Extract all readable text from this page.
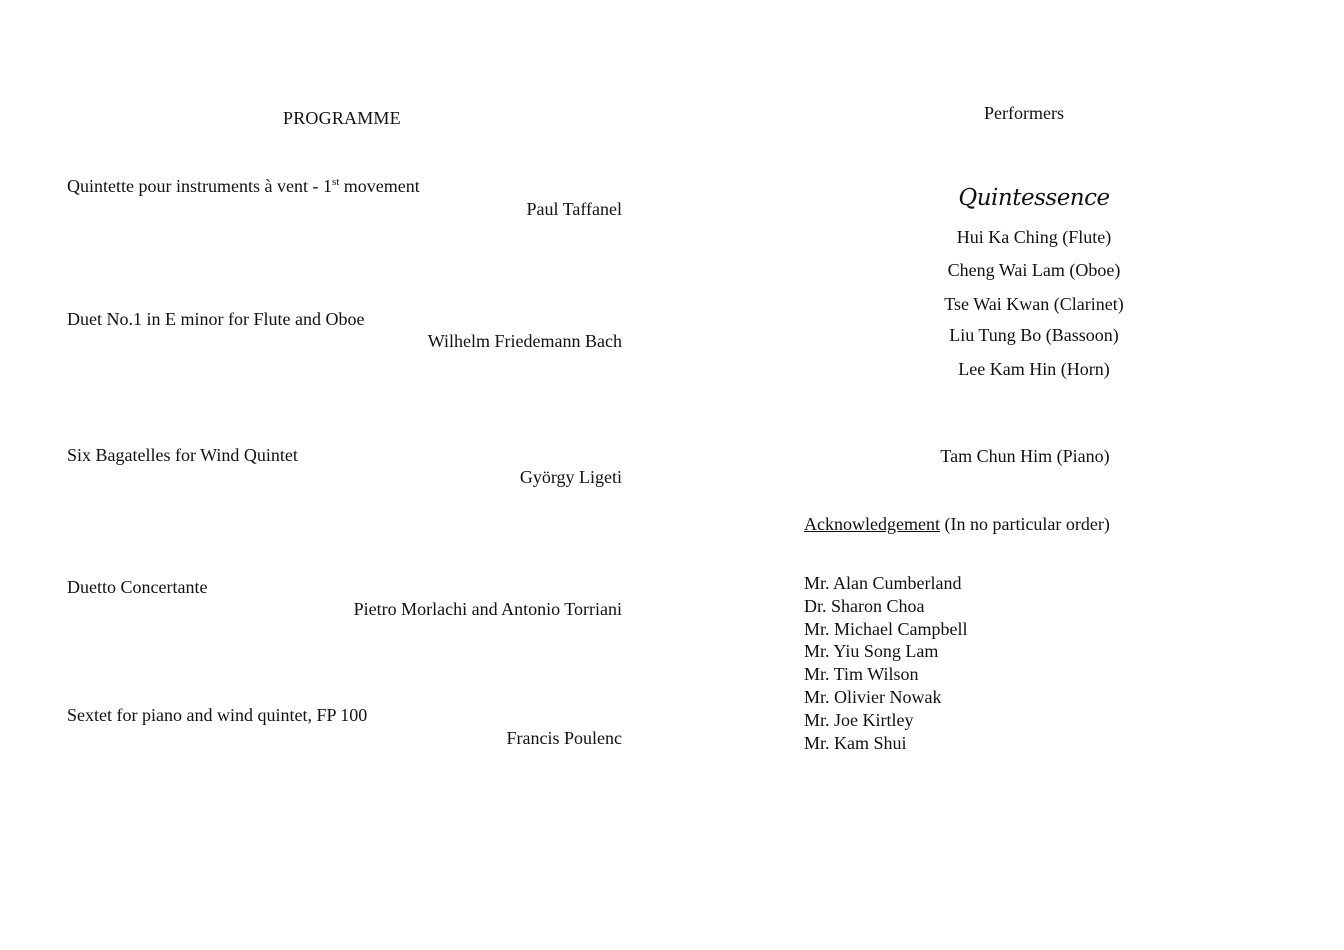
PROGRAMME
Quintette pour instruments à vent - 1st movement
Paul Taffanel
Duet No.1 in E minor for Flute and Oboe
Wilhelm Friedemann Bach
Six Bagatelles for Wind Quintet
György Ligeti
Duetto Concertante
Pietro Morlachi and Antonio Torriani
Sextet for piano and wind quintet, FP 100
Francis Poulenc
Performers
Quintessence
Hui Ka Ching (Flute)
Cheng Wai Lam (Oboe)
Tse Wai Kwan (Clarinet)
Liu Tung Bo (Bassoon)
Lee Kam Hin (Horn)
Tam Chun Him (Piano)
Acknowledgement (In no particular order)
Mr. Alan Cumberland
Dr. Sharon Choa
Mr. Michael Campbell
Mr. Yiu Song Lam
Mr. Tim Wilson
Mr. Olivier Nowak
Mr. Joe Kirtley
Mr. Kam Shui
